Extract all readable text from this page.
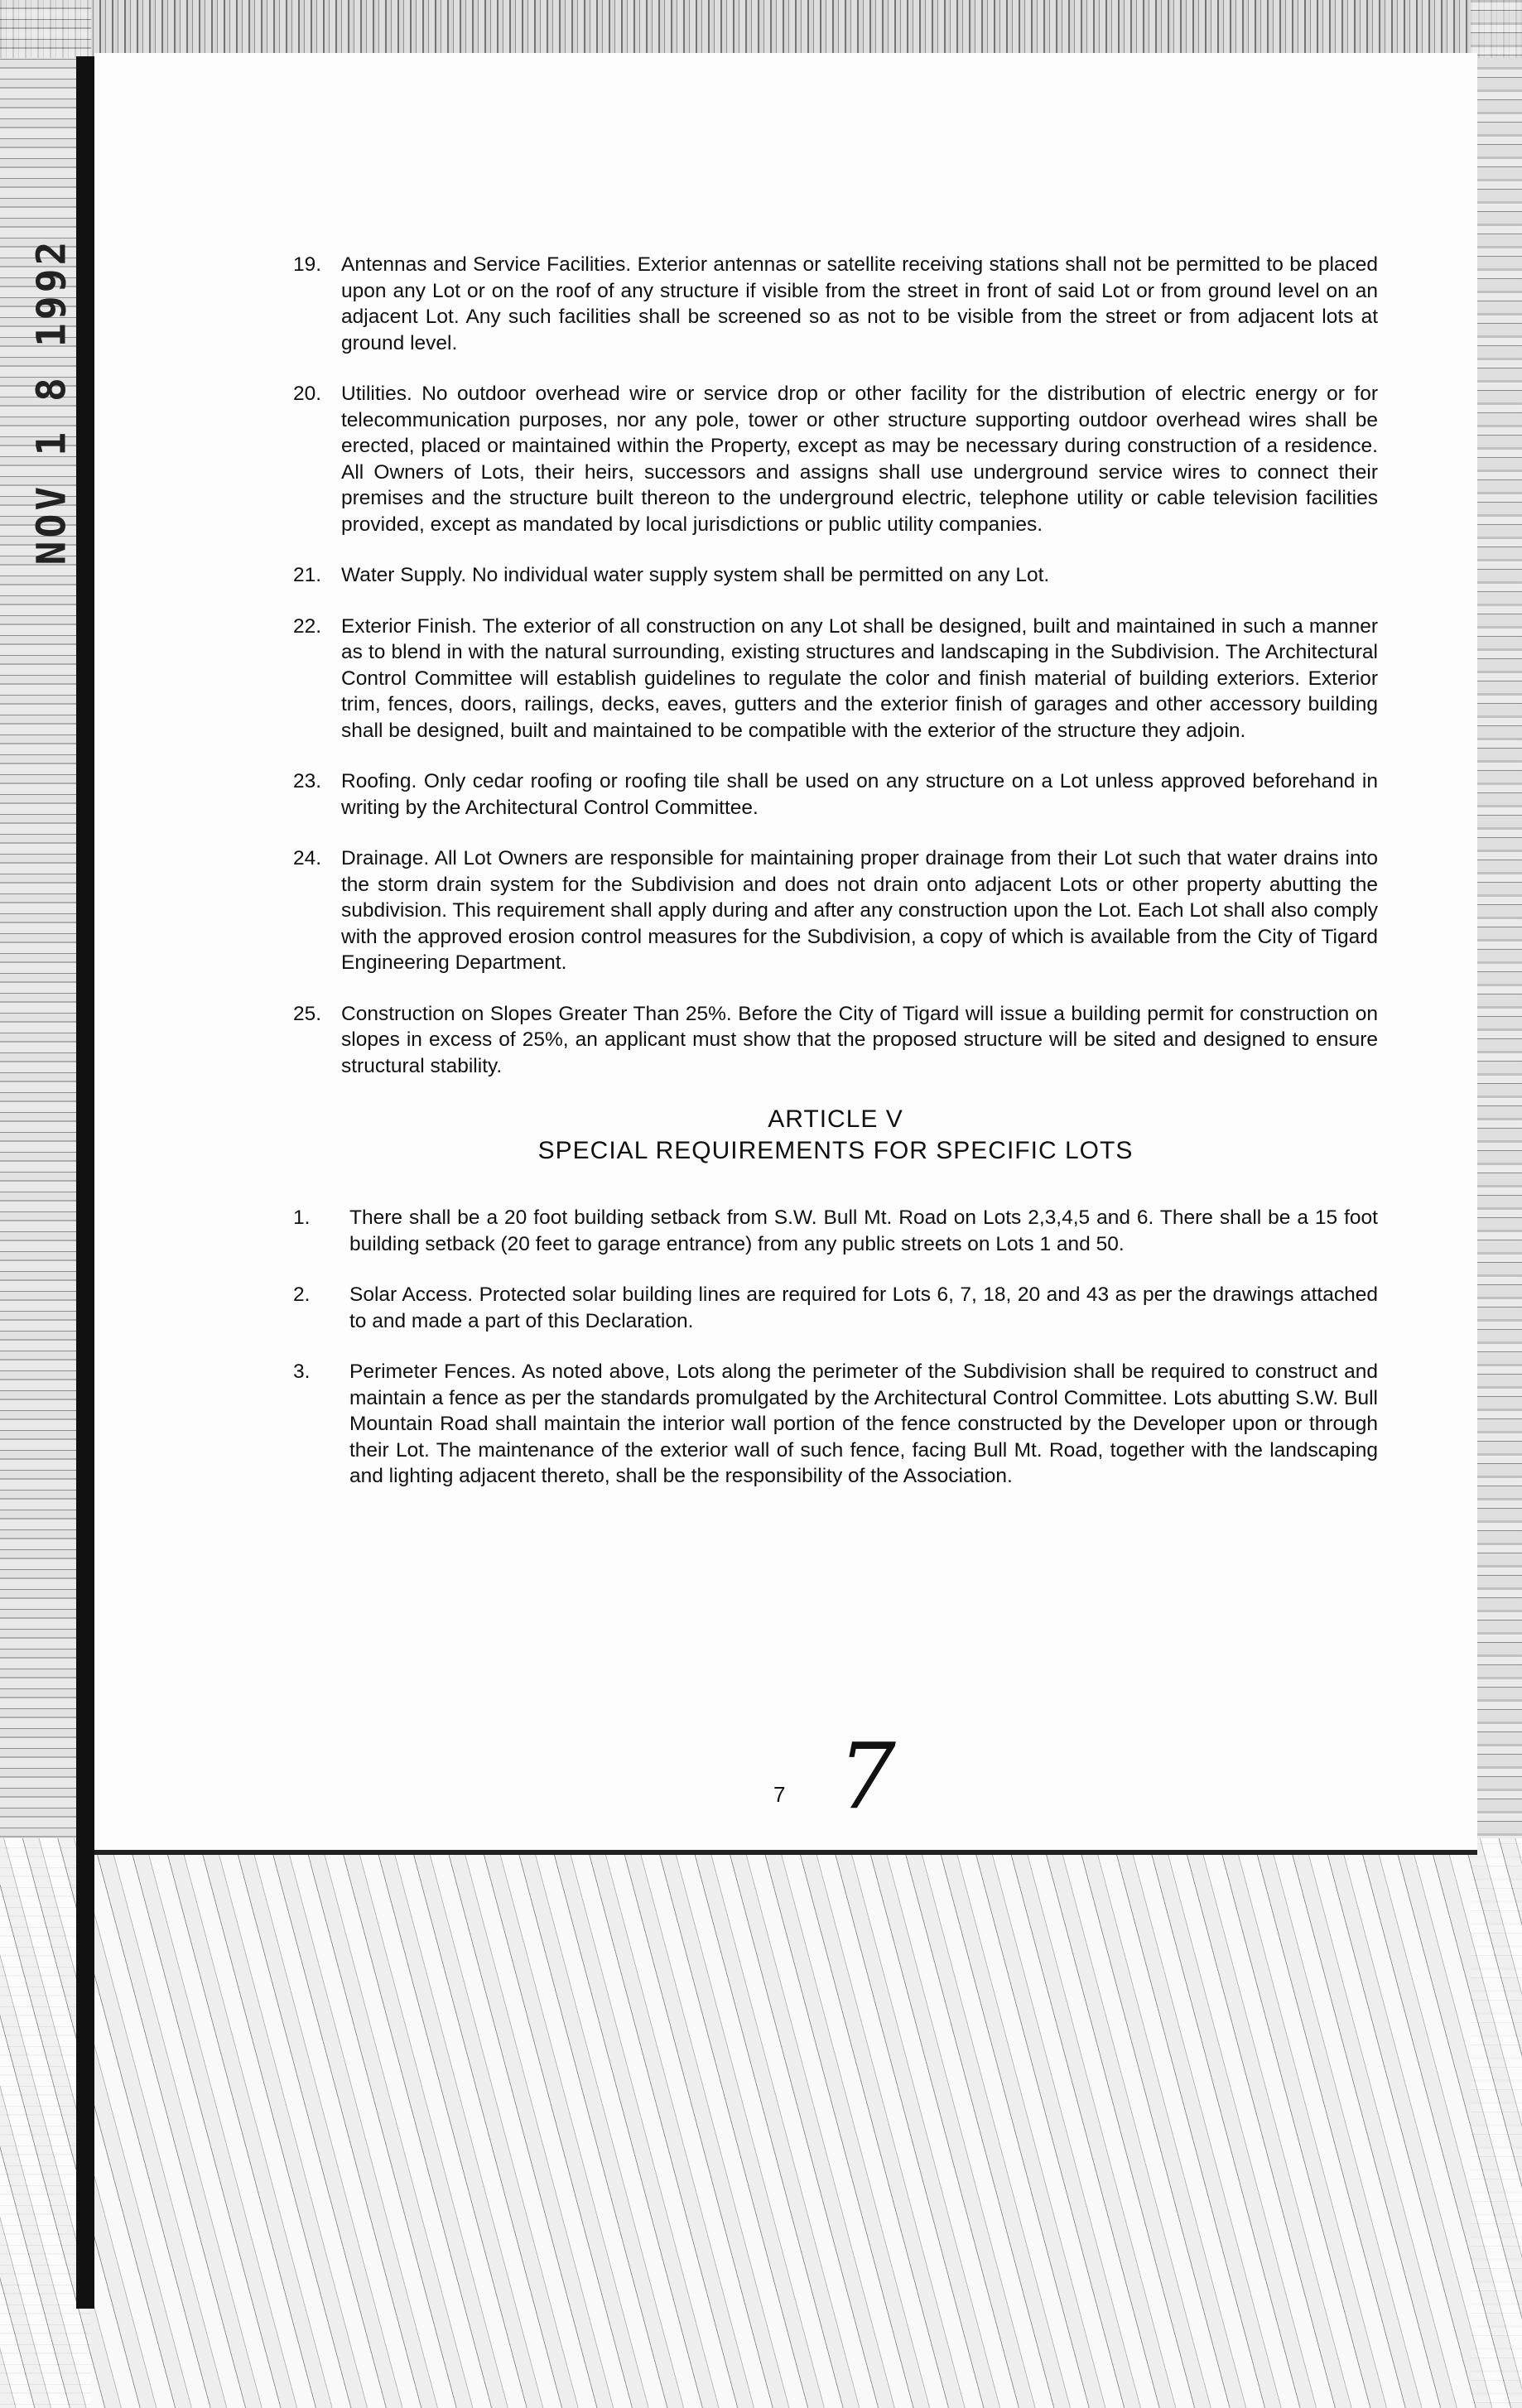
19. Antennas and Service Facilities. Exterior antennas or satellite receiving stations shall not be permitted to be placed upon any Lot or on the roof of any structure if visible from the street in front of said Lot or from ground level on an adjacent Lot. Any such facilities shall be screened so as not to be visible from the street or from adjacent lots at ground level.

20. Utilities. No outdoor overhead wire or service drop or other facility for the distribution of electric energy or for telecommunication purposes, nor any pole, tower or other structure supporting outdoor overhead wires shall be erected, placed or maintained within the Property, except as may be necessary during construction of a residence. All Owners of Lots, their heirs, successors and assigns shall use underground service wires to connect their premises and the structure built thereon to the underground electric, telephone utility or cable television facilities provided, except as mandated by local jurisdictions or public utility companies.

21. Water Supply. No individual water supply system shall be permitted on any Lot.

22. Exterior Finish. The exterior of all construction on any Lot shall be designed, built and maintained in such a manner as to blend in with the natural surrounding, existing structures and landscaping in the Subdivision. The Architectural Control Committee will establish guidelines to regulate the color and finish material of building exteriors. Exterior trim, fences, doors, railings, decks, eaves, gutters and the exterior finish of garages and other accessory building shall be designed, built and maintained to be compatible with the exterior of the structure they adjoin.

23. Roofing. Only cedar roofing or roofing tile shall be used on any structure on a Lot unless approved beforehand in writing by the Architectural Control Committee.

24. Drainage. All Lot Owners are responsible for maintaining proper drainage from their Lot such that water drains into the storm drain system for the Subdivision and does not drain onto adjacent Lots or other property abutting the subdivision. This requirement shall apply during and after any construction upon the Lot. Each Lot shall also comply with the approved erosion control measures for the Subdivision, a copy of which is available from the City of Tigard Engineering Department.

25. Construction on Slopes Greater Than 25%. Before the City of Tigard will issue a building permit for construction on slopes in excess of 25%, an applicant must show that the proposed structure will be sited and designed to ensure structural stability.

ARTICLE V
SPECIAL REQUIREMENTS FOR SPECIFIC LOTS
1.	There shall be a 20 foot building setback from S.W. Bull Mt. Road on Lots 2,3,4,5 and 6. There shall be a 15 foot building setback (20 feet to garage entrance) from any public streets on Lots 1 and 50.

2.	Solar Access. Protected solar building lines are required for Lots 6, 7, 18, 20 and 43 as per the drawings attached to and made a part of this Declaration.

3.	Perimeter Fences. As noted above, Lots along the perimeter of the Subdivision shall be required to construct and maintain a fence as per the standards promulgated by the Architectural Control Committee. Lots abutting S.W. Bull Mountain Road shall maintain the interior wall portion of the fence constructed by the Developer upon or through their Lot. The maintenance of the exterior wall of such fence, facing Bull Mt. Road, together with the landscaping and lighting adjacent thereto, shall be the responsibility of the Association.

7 7
NOV 1 8 1992
